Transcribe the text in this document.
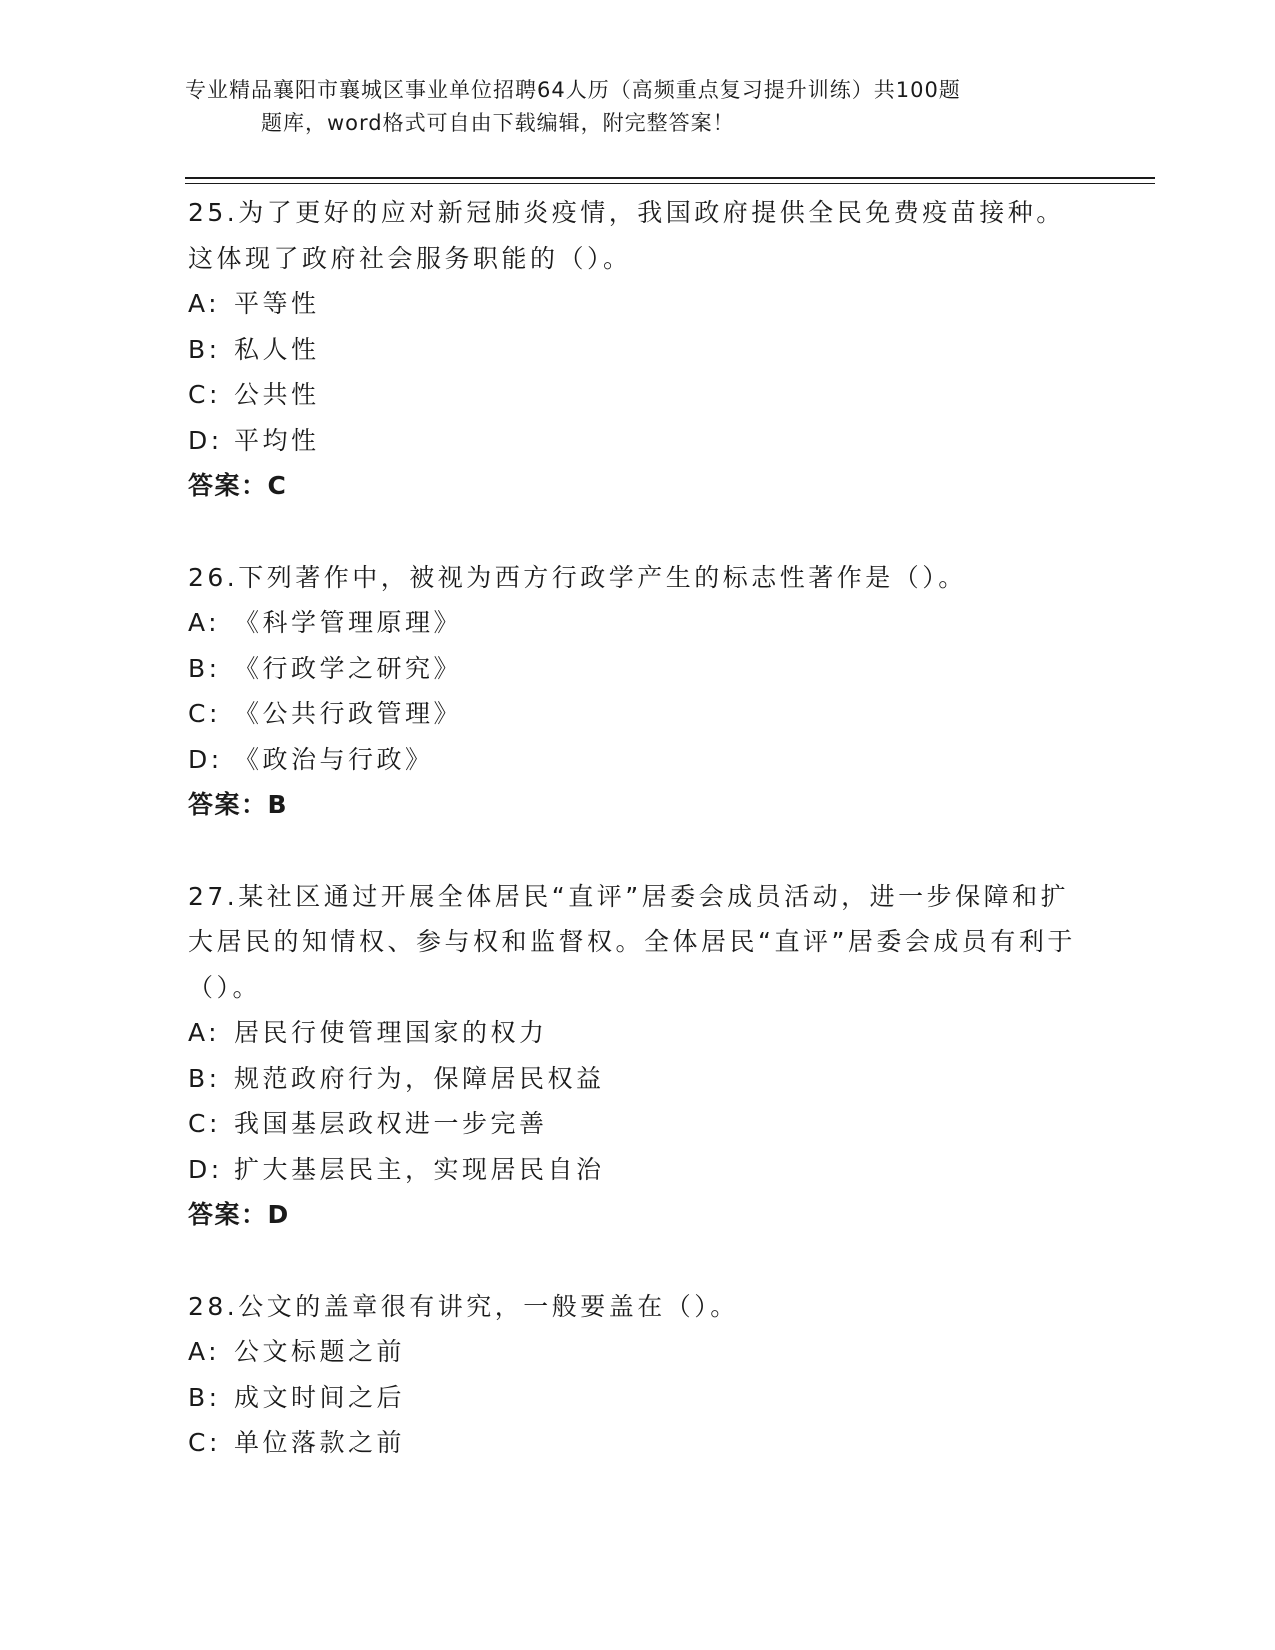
专业精品襄阳市襄城区事业单位招聘64人历（高频重点复习提升训练）共100题
题库，word格式可自由下载编辑，附完整答案！
25.为了更好的应对新冠肺炎疫情，我国政府提供全民免费疫苗接种。这体现了政府社会服务职能的（）。
A: 平等性
B: 私人性
C: 公共性
D: 平均性
答案：C
26.下列著作中，被视为西方行政学产生的标志性著作是（）。
A: 《科学管理原理》
B: 《行政学之研究》
C: 《公共行政管理》
D: 《政治与行政》
答案：B
27.某社区通过开展全体居民“直评”居委会成员活动，进一步保障和扩大居民的知情权、参与权和监督权。全体居民“直评”居委会成员有利于（）。
A: 居民行使管理国家的权力
B: 规范政府行为，保障居民权益
C: 我国基层政权进一步完善
D: 扩大基层民主，实现居民自治
答案：D
28.公文的盖章很有讲究，一般要盖在（）。
A: 公文标题之前
B: 成文时间之后
C: 单位落款之前
